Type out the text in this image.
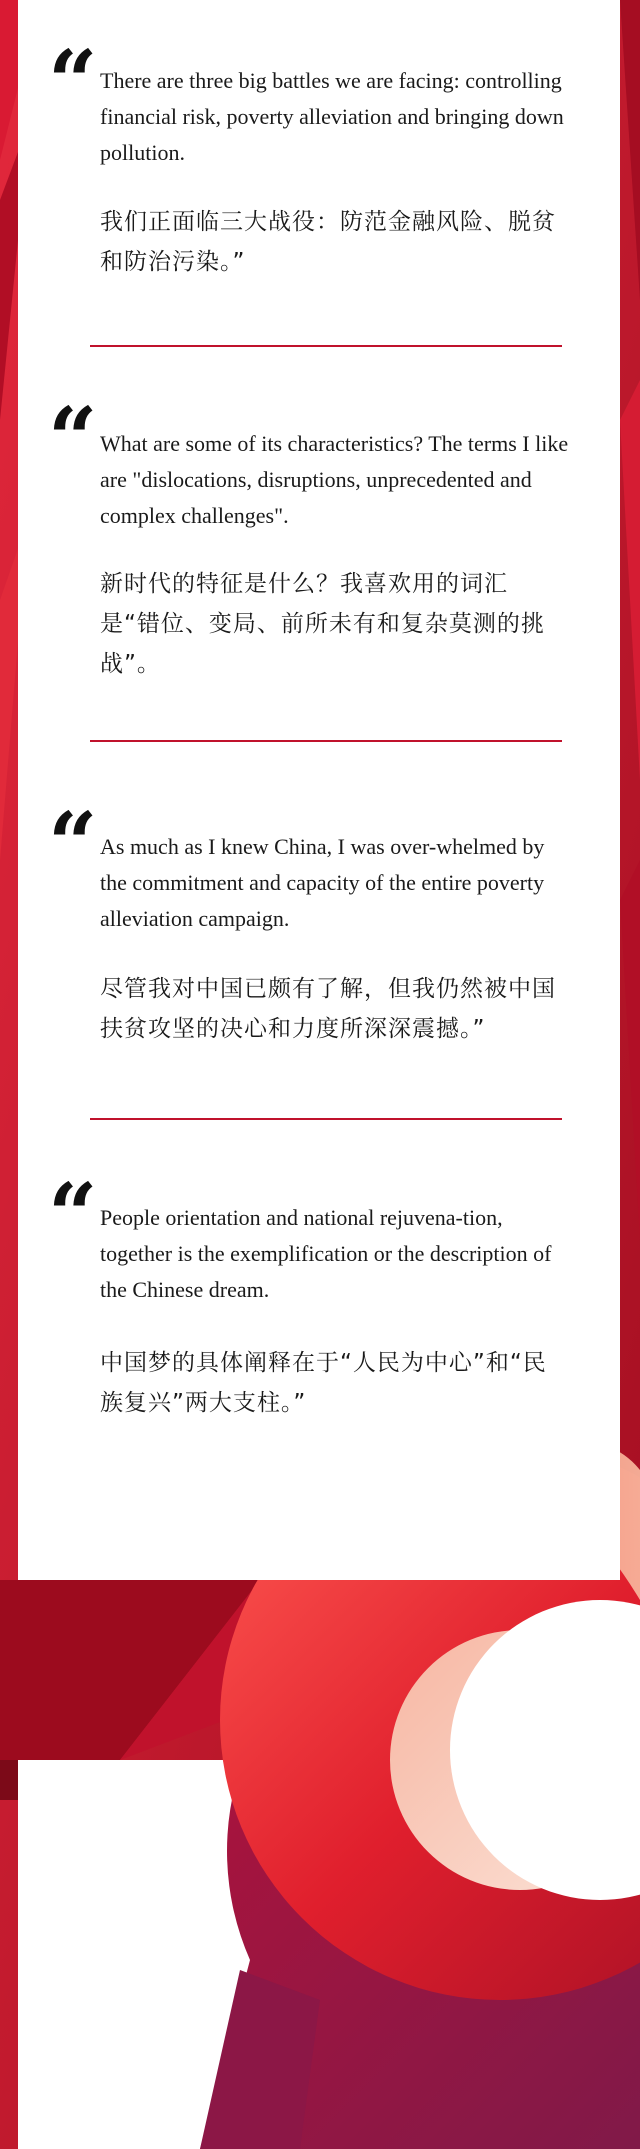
“ There are three big battles we are facing: controlling financial risk, poverty alleviation and bringing down pollution.
我们正面临三大战役：防范金融风险、脱贫和防治污染。”
“ What are some of its characteristics? The terms I like are "dislocations, disruptions, unprecedented and complex challenges".
新时代的特征是什么？我喜欢用的词汇是“错位、变局、前所未有和复杂莫测的挑战”。
“ As much as I knew China, I was over-whelmed by the commitment and capacity of the entire poverty alleviation campaign.
尽管我对中国已颇有了解，但我仍然被中国扶贫攻坚的决心和力度所深深震撼。”
“ People orientation and national rejuvena-tion, together is the exemplification or the description of the Chinese dream.
中国梦的具体阐释在于“人民为中心”和“民族复兴”两大支柱。”
